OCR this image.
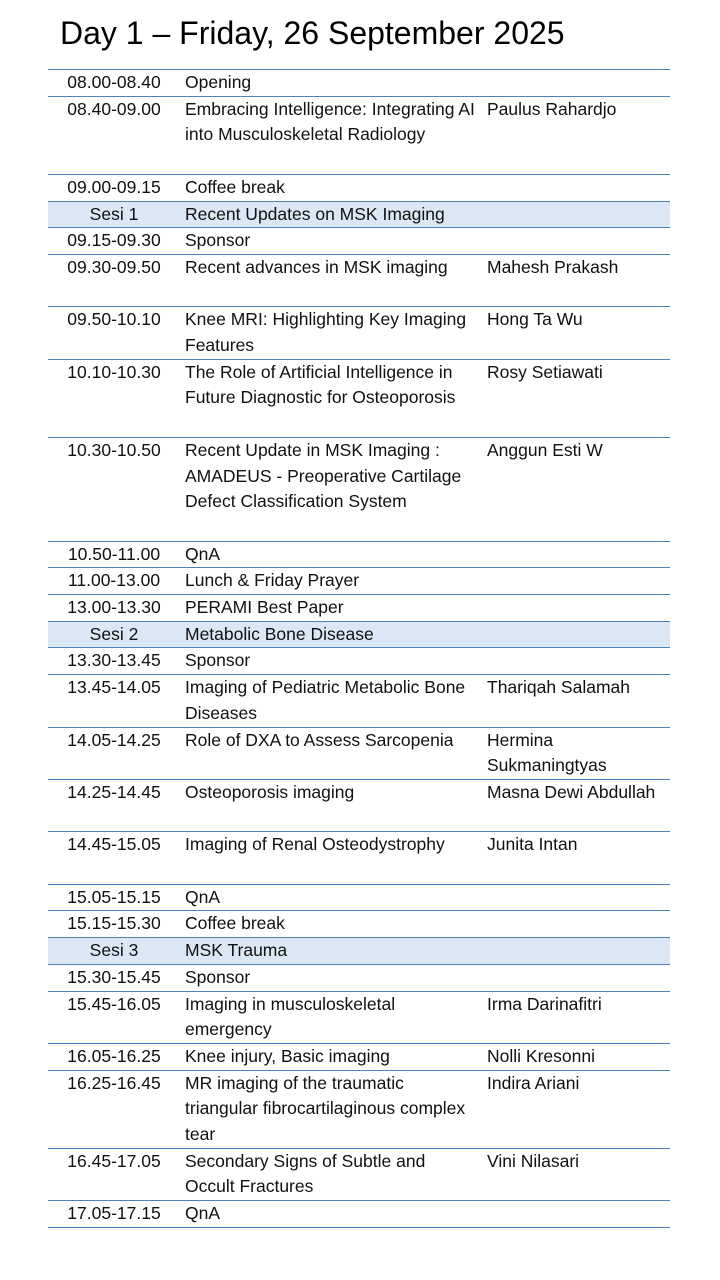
Day 1 – Friday, 26 September 2025
08.00-08.40	Opening	
08.40-09.00	Embracing Intelligence: Integrating AI into Musculoskeletal Radiology	Paulus Rahardjo
09.00-09.15	Coffee break	
Sesi 1	Recent Updates on MSK Imaging	
09.15-09.30	Sponsor	
09.30-09.50	Recent advances in MSK imaging	Mahesh Prakash
09.50-10.10	Knee MRI: Highlighting Key Imaging Features	Hong Ta Wu
10.10-10.30	The Role of Artificial Intelligence in Future Diagnostic for Osteoporosis	Rosy Setiawati
10.30-10.50	Recent Update in MSK Imaging : AMADEUS - Preoperative Cartilage Defect Classification System	Anggun Esti W
10.50-11.00	QnA	
11.00-13.00	Lunch & Friday Prayer	
13.00-13.30	PERAMI Best Paper	
Sesi 2	Metabolic Bone Disease	
13.30-13.45	Sponsor	
13.45-14.05	Imaging of Pediatric Metabolic Bone Diseases	Thariqah Salamah
14.05-14.25	Role of DXA to Assess Sarcopenia	Hermina Sukmaningtyas
14.25-14.45	Osteoporosis imaging	Masna Dewi Abdullah
14.45-15.05	Imaging of Renal Osteodystrophy	Junita Intan
15.05-15.15	QnA	
15.15-15.30	Coffee break	
Sesi 3	MSK Trauma	
15.30-15.45	Sponsor	
15.45-16.05	Imaging in musculoskeletal emergency	Irma Darinafitri
16.05-16.25	Knee injury, Basic imaging	Nolli Kresonni
16.25-16.45	MR imaging of the traumatic triangular fibrocartilaginous complex tear	Indira Ariani
16.45-17.05	Secondary Signs of Subtle and Occult Fractures	Vini Nilasari
17.05-17.15	QnA	
